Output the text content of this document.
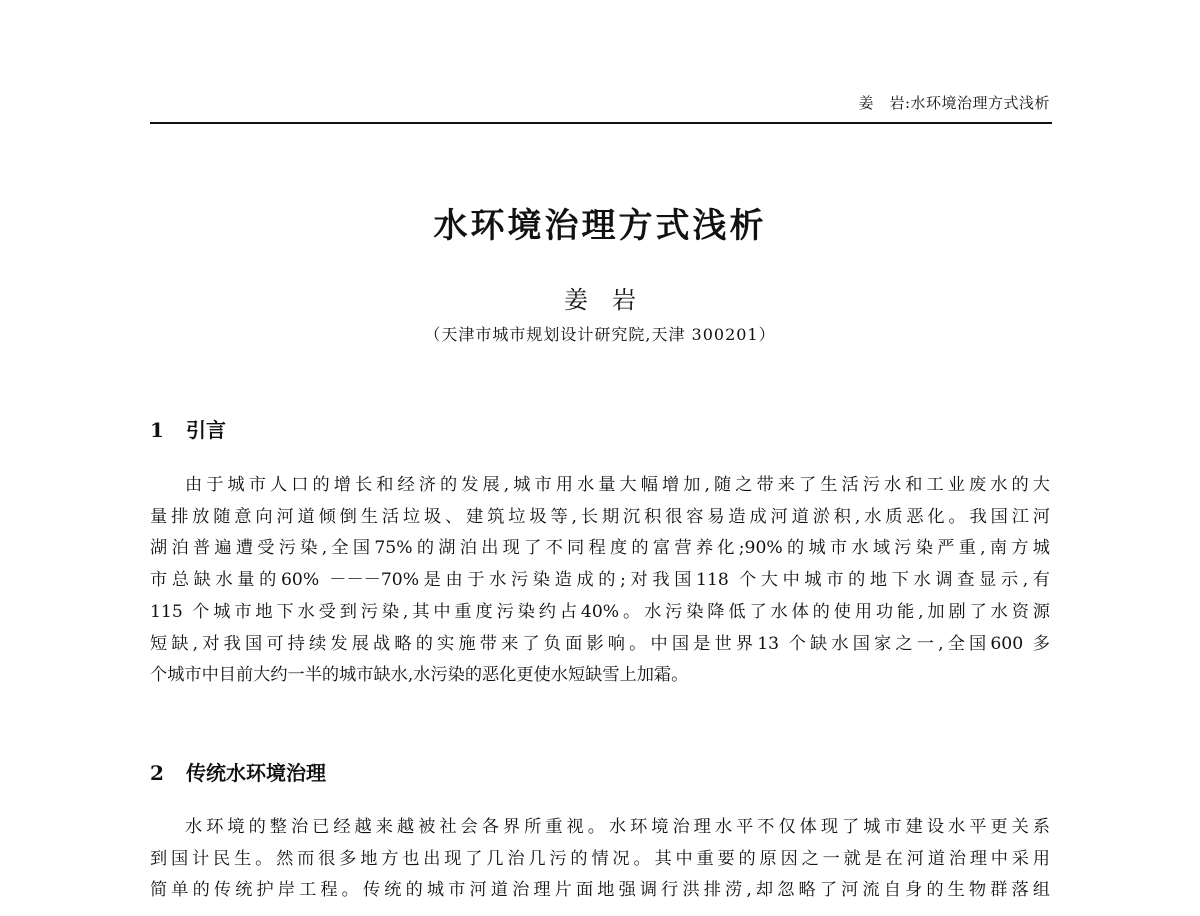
姜　岩:水环境治理方式浅析
水环境治理方式浅析
姜岩
（天津市城市规划设计研究院,天津 300201）
1 引言
由于城市人口的增长和经济的发展,城市用水量大幅增加,随之带来了生活污水和工业废水的大
量排放随意向河道倾倒生活垃圾、建筑垃圾等,长期沉积很容易造成河道淤积,水质恶化。我国江河
湖泊普遍遭受污染,全国75%的湖泊出现了不同程度的富营养化;90%的城市水域污染严重,南方城
市总缺水量的60% －－－70%是由于水污染造成的;对我国118 个大中城市的地下水调查显示,有
115 个城市地下水受到污染,其中重度污染约占40%。水污染降低了水体的使用功能,加剧了水资源
短缺,对我国可持续发展战略的实施带来了负面影响。中国是世界13 个缺水国家之一,全国600 多
个城市中目前大约一半的城市缺水,水污染的恶化更使水短缺雪上加霜。
2 传统水环境治理
水环境的整治已经越来越被社会各界所重视。水环境治理水平不仅体现了城市建设水平更关系
到国计民生。然而很多地方也出现了几治几污的情况。其中重要的原因之一就是在河道治理中采用
简单的传统护岸工程。传统的城市河道治理片面地强调行洪排涝,却忽略了河流自身的生物群落组
